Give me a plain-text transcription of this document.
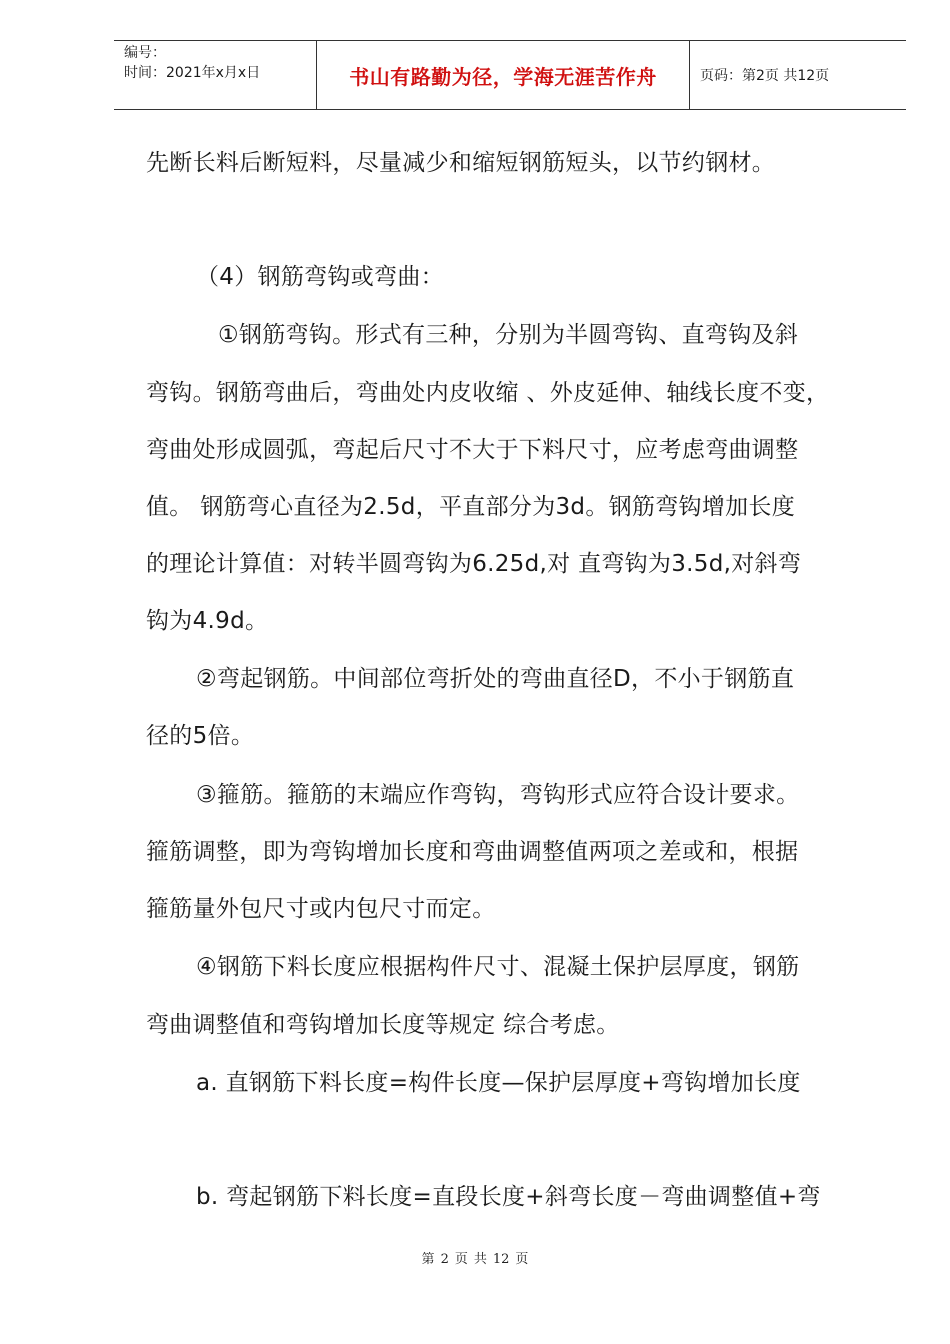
编号：
时间：2021年x月x日	书山有路勤为径，学海无涯苦作舟	页码：第2页 共12页
先断长料后断短料，尽量减少和缩短钢筋短头，以节约钢材。
（4）钢筋弯钩或弯曲：
①钢筋弯钩。形式有三种，分别为半圆弯钩、直弯钩及斜
弯钩。钢筋弯曲后，弯曲处内皮收缩 、外皮延伸、轴线长度不变，
弯曲处形成圆弧，弯起后尺寸不大于下料尺寸，应考虑弯曲调整
值。 钢筋弯心直径为2.5d，平直部分为3d。钢筋弯钩增加长度
的理论计算值：对转半圆弯钩为6.25d,对 直弯钩为3.5d,对斜弯
钩为4.9d。
②弯起钢筋。中间部位弯折处的弯曲直径D，不小于钢筋直
径的5倍。
③箍筋。箍筋的末端应作弯钩，弯钩形式应符合设计要求。
箍筋调整，即为弯钩增加长度和弯曲调整值两项之差或和，根据
箍筋量外包尺寸或内包尺寸而定。
④钢筋下料长度应根据构件尺寸、混凝土保护层厚度，钢筋
弯曲调整值和弯钩增加长度等规定 综合考虑。
a. 直钢筋下料长度=构件长度—保护层厚度+弯钩增加长度
b. 弯起钢筋下料长度=直段长度+斜弯长度－弯曲调整值+弯
第 2 页 共 12 页
